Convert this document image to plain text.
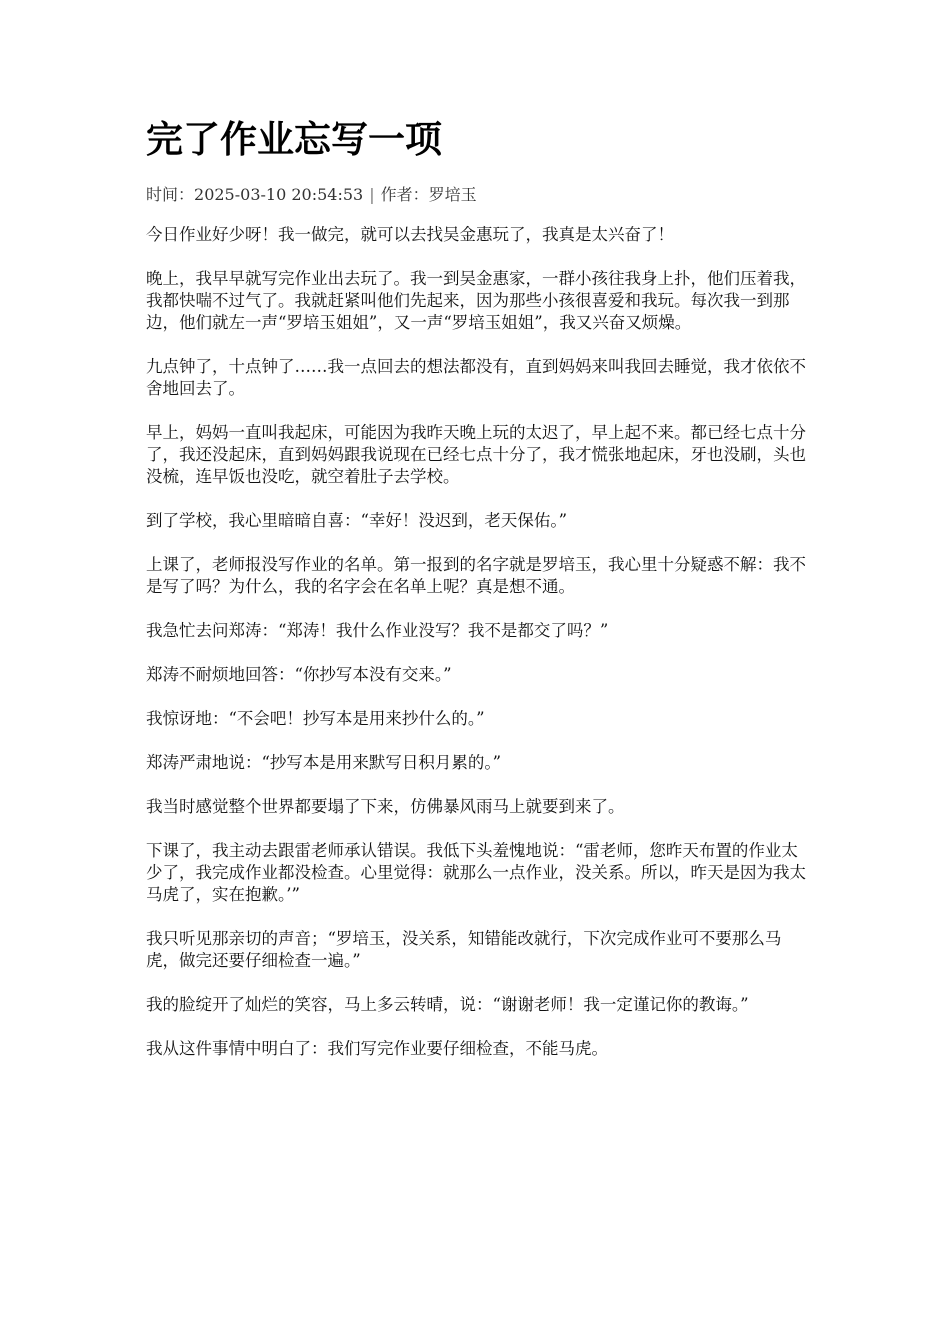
完了作业忘写一项
时间：2025-03-10 20:54:53 | 作者：罗培玉

今日作业好少呀！我一做完，就可以去找吴金惠玩了，我真是太兴奋了！

晚上，我早早就写完作业出去玩了。我一到吴金惠家，一群小孩往我身上扑，他们压着我，我都快喘不过气了。我就赶紧叫他们先起来，因为那些小孩很喜爱和我玩。每次我一到那边，他们就左一声“罗培玉姐姐”，又一声“罗培玉姐姐”，我又兴奋又烦燥。

九点钟了，十点钟了……我一点回去的想法都没有，直到妈妈来叫我回去睡觉，我才依依不舍地回去了。

早上，妈妈一直叫我起床，可能因为我昨天晚上玩的太迟了，早上起不来。都已经七点十分了，我还没起床，直到妈妈跟我说现在已经七点十分了，我才慌张地起床，牙也没刷，头也没梳，连早饭也没吃，就空着肚子去学校。

到了学校，我心里暗暗自喜：“幸好！没迟到，老天保佑。”

上课了，老师报没写作业的名单。第一报到的名字就是罗培玉，我心里十分疑惑不解：我不是写了吗？为什么，我的名字会在名单上呢？真是想不通。

我急忙去问郑涛：“郑涛！我什么作业没写？我不是都交了吗？”

郑涛不耐烦地回答：“你抄写本没有交来。”

我惊讶地：“不会吧！抄写本是用来抄什么的。”

郑涛严肃地说：“抄写本是用来默写日积月累的。”

我当时感觉整个世界都要塌了下来，仿佛暴风雨马上就要到来了。

下课了，我主动去跟雷老师承认错误。我低下头羞愧地说：“雷老师，您昨天布置的作业太少了，我完成作业都没检查。心里觉得：就那么一点作业，没关系。所以，昨天是因为我太马虎了，实在抱歉。’”

我只听见那亲切的声音；“罗培玉，没关系，知错能改就行，下次完成作业可不要那么马虎，做完还要仔细检查一遍。”

我的脸绽开了灿烂的笑容，马上多云转晴，说：“谢谢老师！我一定谨记你的教诲。”

我从这件事情中明白了：我们写完作业要仔细检查，不能马虎。
